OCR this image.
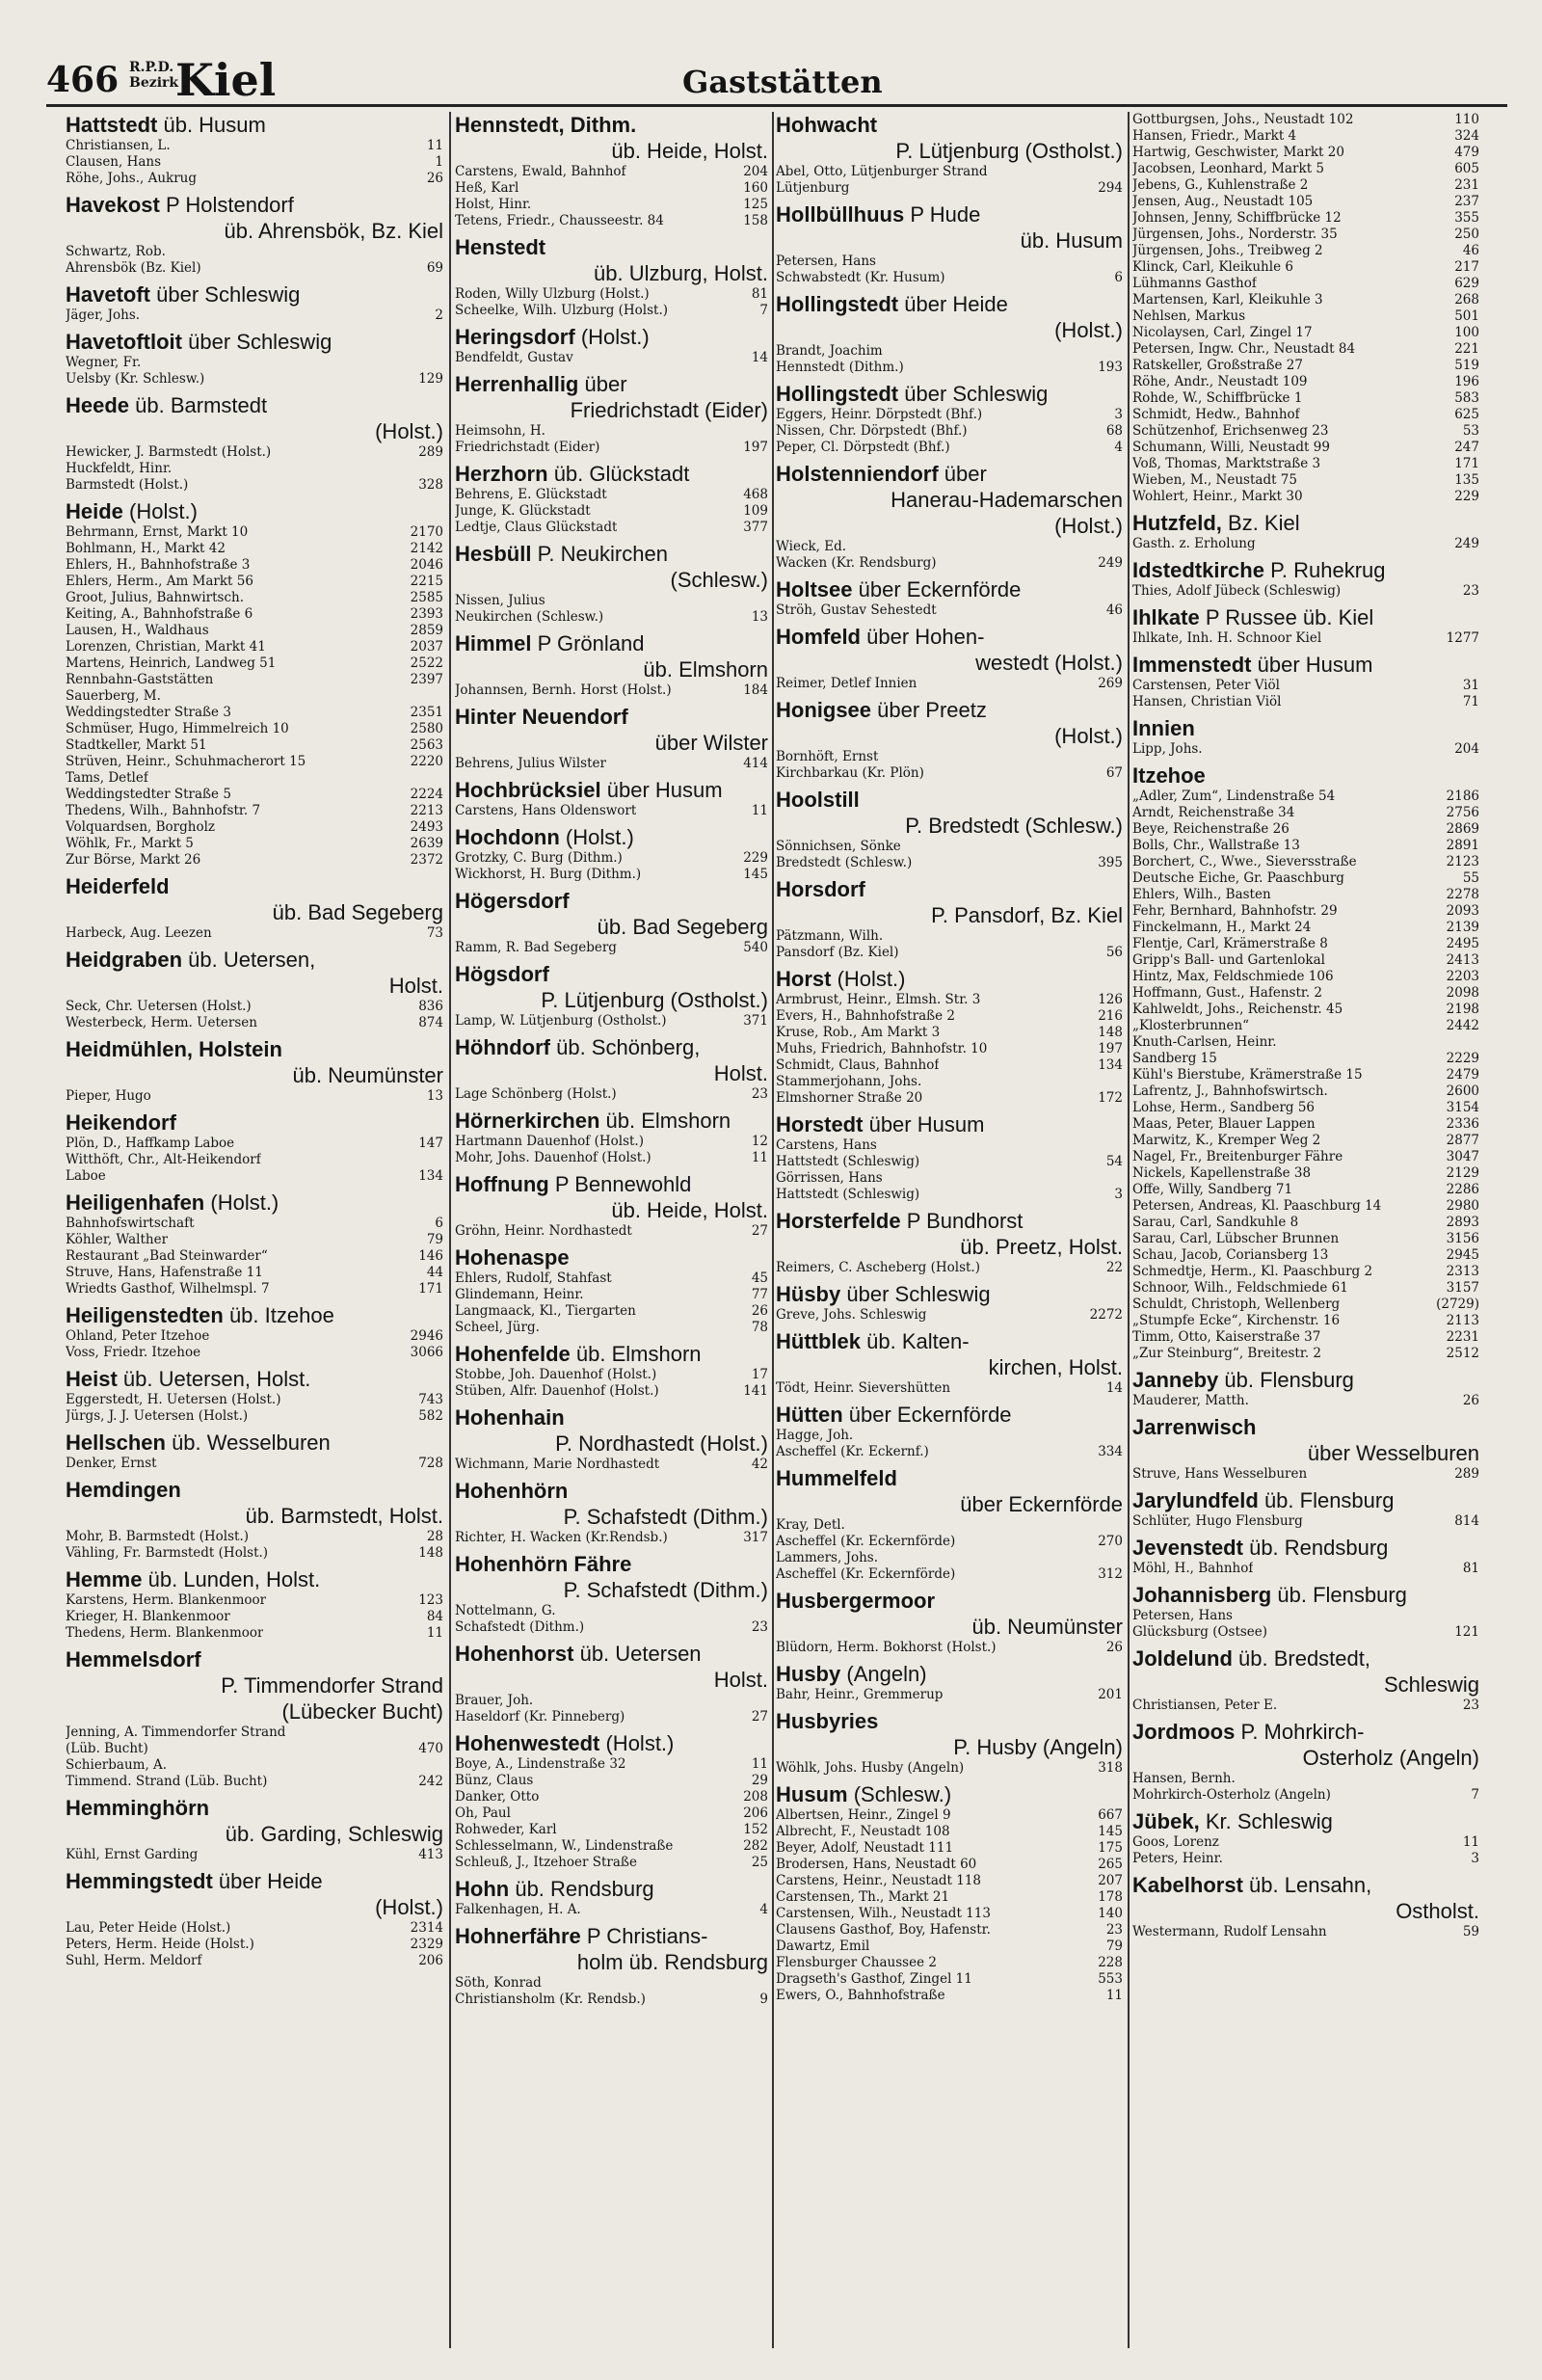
466 R.P.D.
Bezirk
Kiel	Gaststätten
Hattstedt üb. Husum
Christiansen, L.	11
Clausen, Hans	1
Röhe, Johs., Aukrug	26
Havekost P Holstendorf
üb. Ahrensbök, Bz. Kiel
Schwartz, Rob.
Ahrensbök (Bz. Kiel)	69
Havetoft über Schleswig
Jäger, Johs.	2
Havetoftloit über Schleswig
Wegner, Fr.
Uelsby (Kr. Schlesw.)	129
Heede üb. Barmstedt
(Holst.)
Hewicker, J. Barmstedt (Holst.)	289
Huckfeldt, Hinr.
Barmstedt (Holst.)	328
Heide (Holst.)
Behrmann, Ernst, Markt 10	2170
Bohlmann, H., Markt 42	2142
Ehlers, H., Bahnhofstraße 3	2046
Ehlers, Herm., Am Markt 56	2215
Groot, Julius, Bahnwirtsch.	2585
Keiting, A., Bahnhofstraße 6	2393
Lausen, H., Waldhaus	2859
Lorenzen, Christian, Markt 41	2037
Martens, Heinrich, Landweg 51	2522
Rennbahn-Gaststätten	2397
Sauerberg, M.
Weddingstedter Straße 3	2351
Schmüser, Hugo, Himmelreich 10	2580
Stadtkeller, Markt 51	2563
Strüven, Heinr., Schuhmacherort 15	2220
Tams, Detlef
Weddingstedter Straße 5	2224
Thedens, Wilh., Bahnhofstr. 7	2213
Volquardsen, Borgholz	2493
Wöhlk, Fr., Markt 5	2639
Zur Börse, Markt 26	2372
Heiderfeld
üb. Bad Segeberg
Harbeck, Aug. Leezen	73
Heidgraben üb. Uetersen,
Holst.
Seck, Chr. Uetersen (Holst.)	836
Westerbeck, Herm. Uetersen	874
Heidmühlen, Holstein
üb. Neumünster
Pieper, Hugo	13
Heikendorf
Plön, D., Haffkamp Laboe	147
Witthöft, Chr., Alt-Heikendorf
Laboe	134
Heiligenhafen (Holst.)
Bahnhofswirtschaft	6
Köhler, Walther	79
Restaurant „Bad Steinwarder“	146
Struve, Hans, Hafenstraße 11	44
Wriedts Gasthof, Wilhelmspl. 7	171
Heiligenstedten üb. Itzehoe
Ohland, Peter Itzehoe	2946
Voss, Friedr. Itzehoe	3066
Heist üb. Uetersen, Holst.
Eggerstedt, H. Uetersen (Holst.)	743
Jürgs, J. J. Uetersen (Holst.)	582
Hellschen üb. Wesselburen
Denker, Ernst	728
Hemdingen
üb. Barmstedt, Holst.
Mohr, B. Barmstedt (Holst.)	28
Vähling, Fr. Barmstedt (Holst.)	148
Hemme üb. Lunden, Holst.
Karstens, Herm. Blankenmoor	123
Krieger, H. Blankenmoor	84
Thedens, Herm. Blankenmoor	11
Hemmelsdorf
P. Timmendorfer Strand
(Lübecker Bucht)
Jenning, A. Timmendorfer Strand
(Lüb. Bucht)	470
Schierbaum, A.
Timmend. Strand (Lüb. Bucht)	242
Hemminghörn
üb. Garding, Schleswig
Kühl, Ernst Garding	413
Hemmingstedt über Heide
(Holst.)
Lau, Peter Heide (Holst.)	2314
Peters, Herm. Heide (Holst.)	2329
Suhl, Herm. Meldorf	206
Hennstedt, Dithm.
üb. Heide, Holst.
Carstens, Ewald, Bahnhof	204
Heß, Karl	160
Holst, Hinr.	125
Tetens, Friedr., Chausseestr. 84	158
Henstedt
üb. Ulzburg, Holst.
Roden, Willy Ulzburg (Holst.)	81
Scheelke, Wilh. Ulzburg (Holst.)	7
Heringsdorf (Holst.)
Bendfeldt, Gustav	14
Herrenhallig über
Friedrichstadt (Eider)
Heimsohn, H.
Friedrichstadt (Eider)	197
Herzhorn üb. Glückstadt
Behrens, E. Glückstadt	468
Junge, K. Glückstadt	109
Ledtje, Claus Glückstadt	377
Hesbüll P. Neukirchen
(Schlesw.)
Nissen, Julius
Neukirchen (Schlesw.)	13
Himmel P Grönland
üb. Elmshorn
Johannsen, Bernh. Horst (Holst.)	184
Hinter Neuendorf
über Wilster
Behrens, Julius Wilster	414
Hochbrücksiel über Husum
Carstens, Hans Oldenswort	11
Hochdonn (Holst.)
Grotzky, C. Burg (Dithm.)	229
Wickhorst, H. Burg (Dithm.)	145
Högersdorf
üb. Bad Segeberg
Ramm, R. Bad Segeberg	540
Högsdorf
P. Lütjenburg (Ostholst.)
Lamp, W. Lütjenburg (Ostholst.)	371
Höhndorf üb. Schönberg,
Holst.
Lage Schönberg (Holst.)	23
Hörnerkirchen üb. Elmshorn
Hartmann Dauenhof (Holst.)	12
Mohr, Johs. Dauenhof (Holst.)	11
Hoffnung P Bennewohld
üb. Heide, Holst.
Gröhn, Heinr. Nordhastedt	27
Hohenaspe
Ehlers, Rudolf, Stahfast	45
Glindemann, Heinr.	77
Langmaack, Kl., Tiergarten	26
Scheel, Jürg.	78
Hohenfelde üb. Elmshorn
Stobbe, Joh. Dauenhof (Holst.)	17
Stüben, Alfr. Dauenhof (Holst.)	141
Hohenhain
P. Nordhastedt (Holst.)
Wichmann, Marie Nordhastedt	42
Hohenhörn
P. Schafstedt (Dithm.)
Richter, H. Wacken (Kr.Rendsb.)	317
Hohenhörn Fähre
P. Schafstedt (Dithm.)
Nottelmann, G.
Schafstedt (Dithm.)	23
Hohenhorst üb. Uetersen
Holst.
Brauer, Joh.
Haseldorf (Kr. Pinneberg)	27
Hohenwestedt (Holst.)
Boye, A., Lindenstraße 32	11
Bünz, Claus	29
Danker, Otto	208
Oh, Paul	206
Rohweder, Karl	152
Schlesselmann, W., Lindenstraße	282
Schleuß, J., Itzehoer Straße	25
Hohn üb. Rendsburg
Falkenhagen, H. A.	4
Hohnerfähre P Christians-
holm üb. Rendsburg
Söth, Konrad
Christiansholm (Kr. Rendsb.)	9
Hohwacht
P. Lütjenburg (Ostholst.)
Abel, Otto, Lütjenburger Strand
Lütjenburg	294
Hollbüllhuus P Hude
üb. Husum
Petersen, Hans
Schwabstedt (Kr. Husum)	6
Hollingstedt über Heide
(Holst.)
Brandt, Joachim
Hennstedt (Dithm.)	193
Hollingstedt über Schleswig
Eggers, Heinr. Dörpstedt (Bhf.)	3
Nissen, Chr. Dörpstedt (Bhf.)	68
Peper, Cl. Dörpstedt (Bhf.)	4
Holstenniendorf über
Hanerau-Hademarschen
(Holst.)
Wieck, Ed.
Wacken (Kr. Rendsburg)	249
Holtsee über Eckernförde
Ströh, Gustav Sehestedt	46
Homfeld über Hohen-
westedt (Holst.)
Reimer, Detlef Innien	269
Honigsee über Preetz
(Holst.)
Bornhöft, Ernst
Kirchbarkau (Kr. Plön)	67
Hoolstill
P. Bredstedt (Schlesw.)
Sönnichsen, Sönke
Bredstedt (Schlesw.)	395
Horsdorf
P. Pansdorf, Bz. Kiel
Pätzmann, Wilh.
Pansdorf (Bz. Kiel)	56
Horst (Holst.)
Armbrust, Heinr., Elmsh. Str. 3	126
Evers, H., Bahnhofstraße 2	216
Kruse, Rob., Am Markt 3	148
Muhs, Friedrich, Bahnhofstr. 10	197
Schmidt, Claus, Bahnhof	134
Stammerjohann, Johs.
Elmshorner Straße 20	172
Horstedt über Husum
Carstens, Hans
Hattstedt (Schleswig)	54
Görrissen, Hans
Hattstedt (Schleswig)	3
Horsterfelde P Bundhorst
üb. Preetz, Holst.
Reimers, C. Ascheberg (Holst.)	22
Hüsby über Schleswig
Greve, Johs. Schleswig	2272
Hüttblek üb. Kalten-
kirchen, Holst.
Tödt, Heinr. Sievershütten	14
Hütten über Eckernförde
Hagge, Joh.
Ascheffel (Kr. Eckernf.)	334
Hummelfeld
über Eckernförde
Kray, Detl.
Ascheffel (Kr. Eckernförde)	270
Lammers, Johs.
Ascheffel (Kr. Eckernförde)	312
Husbergermoor
üb. Neumünster
Blüdorn, Herm. Bokhorst (Holst.)	26
Husby (Angeln)
Bahr, Heinr., Gremmerup	201
Husbyries
P. Husby (Angeln)
Wöhlk, Johs. Husby (Angeln)	318
Husum (Schlesw.)
Albertsen, Heinr., Zingel 9	667
Albrecht, F., Neustadt 108	145
Beyer, Adolf, Neustadt 111	175
Brodersen, Hans, Neustadt 60	265
Carstens, Heinr., Neustadt 118	207
Carstensen, Th., Markt 21	178
Carstensen, Wilh., Neustadt 113	140
Clausens Gasthof, Boy, Hafenstr.	23
Dawartz, Emil	79
Flensburger Chaussee 2	228
Dragseth's Gasthof, Zingel 11	553
Ewers, O., Bahnhofstraße	11
Gottburgsen, Johs., Neustadt 102	110
Hansen, Friedr., Markt 4	324
Hartwig, Geschwister, Markt 20	479
Jacobsen, Leonhard, Markt 5	605
Jebens, G., Kuhlenstraße 2	231
Jensen, Aug., Neustadt 105	237
Johnsen, Jenny, Schiffbrücke 12	355
Jürgensen, Johs., Norderstr. 35	250
Jürgensen, Johs., Treibweg 2	46
Klinck, Carl, Kleikuhle 6	217
Lühmanns Gasthof	629
Martensen, Karl, Kleikuhle 3	268
Nehlsen, Markus	501
Nicolaysen, Carl, Zingel 17	100
Petersen, Ingw. Chr., Neustadt 84	221
Ratskeller, Großstraße 27	519
Röhe, Andr., Neustadt 109	196
Rohde, W., Schiffbrücke 1	583
Schmidt, Hedw., Bahnhof	625
Schützenhof, Erichsenweg 23	53
Schumann, Willi, Neustadt 99	247
Voß, Thomas, Marktstraße 3	171
Wieben, M., Neustadt 75	135
Wohlert, Heinr., Markt 30	229
Hutzfeld, Bz. Kiel
Gasth. z. Erholung	249
Idstedtkirche P. Ruhekrug
Thies, Adolf Jübeck (Schleswig)	23
Ihlkate P Russee üb. Kiel
Ihlkate, Inh. H. Schnoor Kiel	1277
Immenstedt über Husum
Carstensen, Peter Viöl	31
Hansen, Christian Viöl	71
Innien
Lipp, Johs.	204
Itzehoe
„Adler, Zum“, Lindenstraße 54	2186
Arndt, Reichenstraße 34	2756
Beye, Reichenstraße 26	2869
Bolls, Chr., Wallstraße 13	2891
Borchert, C., Wwe., Sieversstraße	2123
Deutsche Eiche, Gr. Paaschburg	55
Ehlers, Wilh., Basten	2278
Fehr, Bernhard, Bahnhofstr. 29	2093
Finckelmann, H., Markt 24	2139
Flentje, Carl, Krämerstraße 8	2495
Gripp's Ball- und Gartenlokal	2413
Hintz, Max, Feldschmiede 106	2203
Hoffmann, Gust., Hafenstr. 2	2098
Kahlweldt, Johs., Reichenstr. 45	2198
„Klosterbrunnen“	2442
Knuth-Carlsen, Heinr.
Sandberg 15	2229
Kühl's Bierstube, Krämerstraße 15	2479
Lafrentz, J., Bahnhofswirtsch.	2600
Lohse, Herm., Sandberg 56	3154
Maas, Peter, Blauer Lappen	2336
Marwitz, K., Kremper Weg 2	2877
Nagel, Fr., Breitenburger Fähre	3047
Nickels, Kapellenstraße 38	2129
Offe, Willy, Sandberg 71	2286
Petersen, Andreas, Kl. Paaschburg 14	2980
Sarau, Carl, Sandkuhle 8	2893
Sarau, Carl, Lübscher Brunnen	3156
Schau, Jacob, Coriansberg 13	2945
Schmedtje, Herm., Kl. Paaschburg 2	2313
Schnoor, Wilh., Feldschmiede 61	3157
Schuldt, Christoph, Wellenberg	(2729)
„Stumpfe Ecke“, Kirchenstr. 16	2113
Timm, Otto, Kaiserstraße 37	2231
„Zur Steinburg“, Breitestr. 2	2512
Janneby üb. Flensburg
Mauderer, Matth.	26
Jarrenwisch
über Wesselburen
Struve, Hans Wesselburen	289
Jarylundfeld üb. Flensburg
Schlüter, Hugo Flensburg	814
Jevenstedt üb. Rendsburg
Möhl, H., Bahnhof	81
Johannisberg üb. Flensburg
Petersen, Hans
Glücksburg (Ostsee)	121
Joldelund üb. Bredstedt,
Schleswig
Christiansen, Peter E.	23
Jordmoos P. Mohrkirch-
Osterholz (Angeln)
Hansen, Bernh.
Mohrkirch-Osterholz (Angeln)	7
Jübek, Kr. Schleswig
Goos, Lorenz	11
Peters, Heinr.	3
Kabelhorst üb. Lensahn,
Ostholst.
Westermann, Rudolf Lensahn	59
